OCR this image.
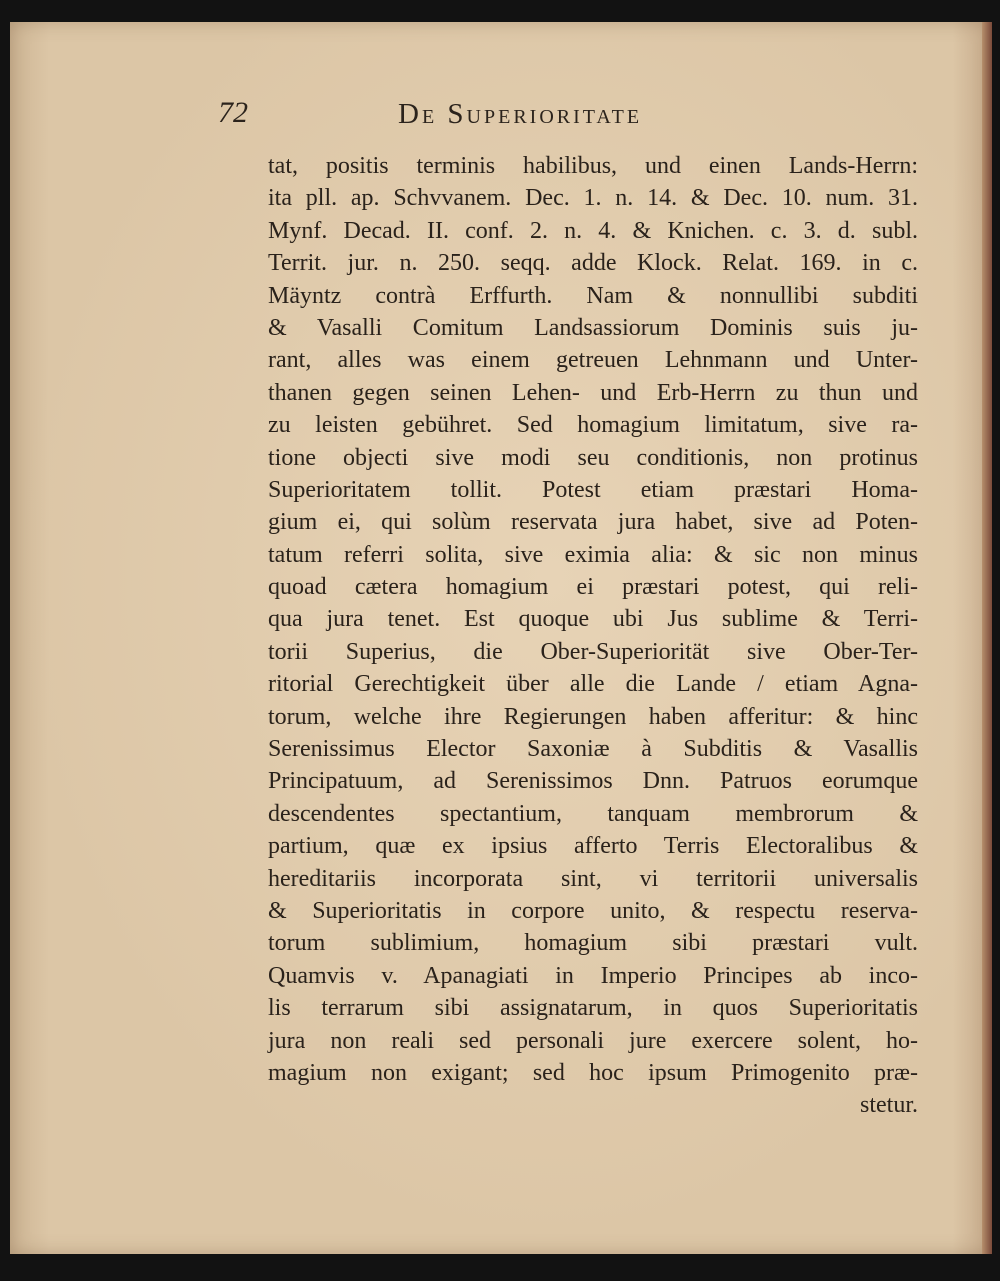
72	De Superioritate
tat, positis terminis habilibus, und einen Lands-Herrn:
ita pll. ap. Schvvanem. Dec. 1. n. 14. & Dec. 10. num. 31.
Mynf. Decad. II. conf. 2. n. 4. & Knichen. c. 3. d. subl.
Territ. jur. n. 250. seqq. adde Klock. Relat. 169. in c.
Mäyntz contrà Erffurth. Nam & nonnullibi subditi
& Vasalli Comitum Landsassiorum Dominis suis ju-
rant, alles was einem getreuen Lehnmann und Unter-
thanen gegen seinen Lehen- und Erb-Herrn zu thun und
zu leisten gebühret. Sed homagium limitatum, sive ra-
tione objecti sive modi seu conditionis, non protinus
Superioritatem tollit. Potest etiam præstari Homa-
gium ei, qui solùm reservata jura habet, sive ad Poten-
tatum referri solita, sive eximia alia: & sic non minus
quoad cætera homagium ei præstari potest, qui reli-
qua jura tenet. Est quoque ubi Jus sublime & Terri-
torii Superius, die Ober-Superiorität sive Ober-Ter-
ritorial Gerechtigkeit über alle die Lande / etiam Agna-
torum, welche ihre Regierungen haben afferitur: & hinc
Serenissimus Elector Saxoniæ à Subditis & Vasallis
Principatuum, ad Serenissimos Dnn. Patruos eorumque
descendentes spectantium, tanquam membrorum &
partium, quæ ex ipsius afferto Terris Electoralibus &
hereditariis incorporata sint, vi territorii universalis
& Superioritatis in corpore unito, & respectu reserva-
torum sublimium, homagium sibi præstari vult.
Quamvis v. Apanagiati in Imperio Principes ab inco-
lis terrarum sibi assignatarum, in quos Superioritatis
jura non reali sed personali jure exercere solent, ho-
magium non exigant; sed hoc ipsum Primogenito præ-
stetur.
